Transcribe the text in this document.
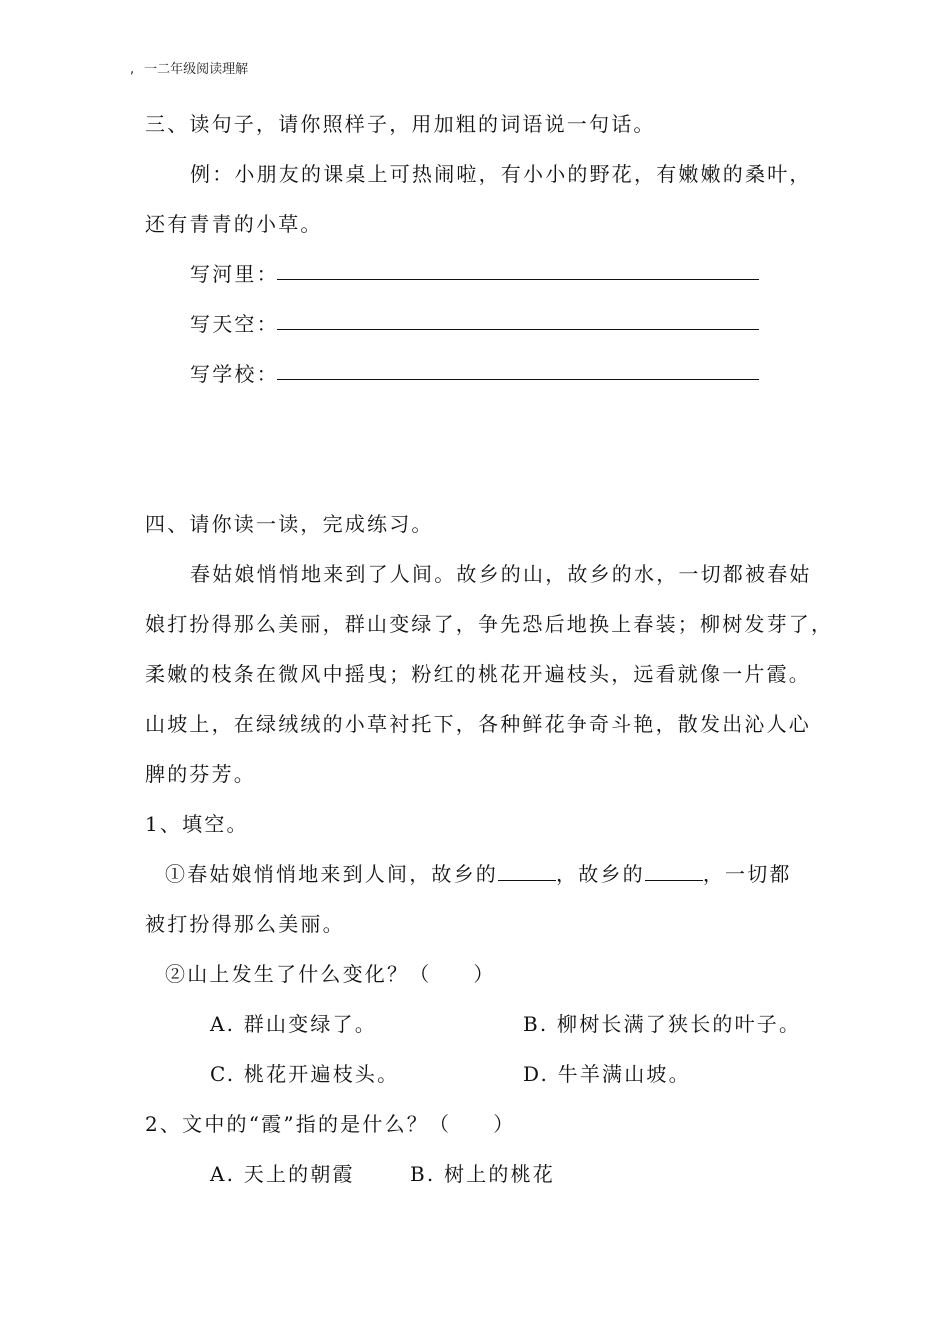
, 一二年级阅读理解
三、读句子，请你照样子，用加粗的词语说一句话。
例：小朋友的课桌上可热闹啦，有小小的野花，有嫩嫩的桑叶，
还有青青的小草。
写河里：
写天空：
写学校：
四、请你读一读，完成练习。
春姑娘悄悄地来到了人间。故乡的山，故乡的水，一切都被春姑
娘打扮得那么美丽，群山变绿了，争先恐后地换上春装；柳树发芽了，
柔嫩的枝条在微风中摇曳；粉红的桃花开遍枝头，远看就像一片霞。
山坡上，在绿绒绒的小草衬托下，各种鲜花争奇斗艳，散发出沁人心
脾的芬芳。
1、填空。
①春姑娘悄悄地来到人间，故乡的	，故乡的	，一切都
被打扮得那么美丽。
②山上发生了什么变化？（ ）
A. 群山变绿了。	B. 柳树长满了狭长的叶子。
C. 桃花开遍枝头。	D. 牛羊满山坡。
2、文中的“霞”指的是什么？（ ）
A. 天上的朝霞	B. 树上的桃花
